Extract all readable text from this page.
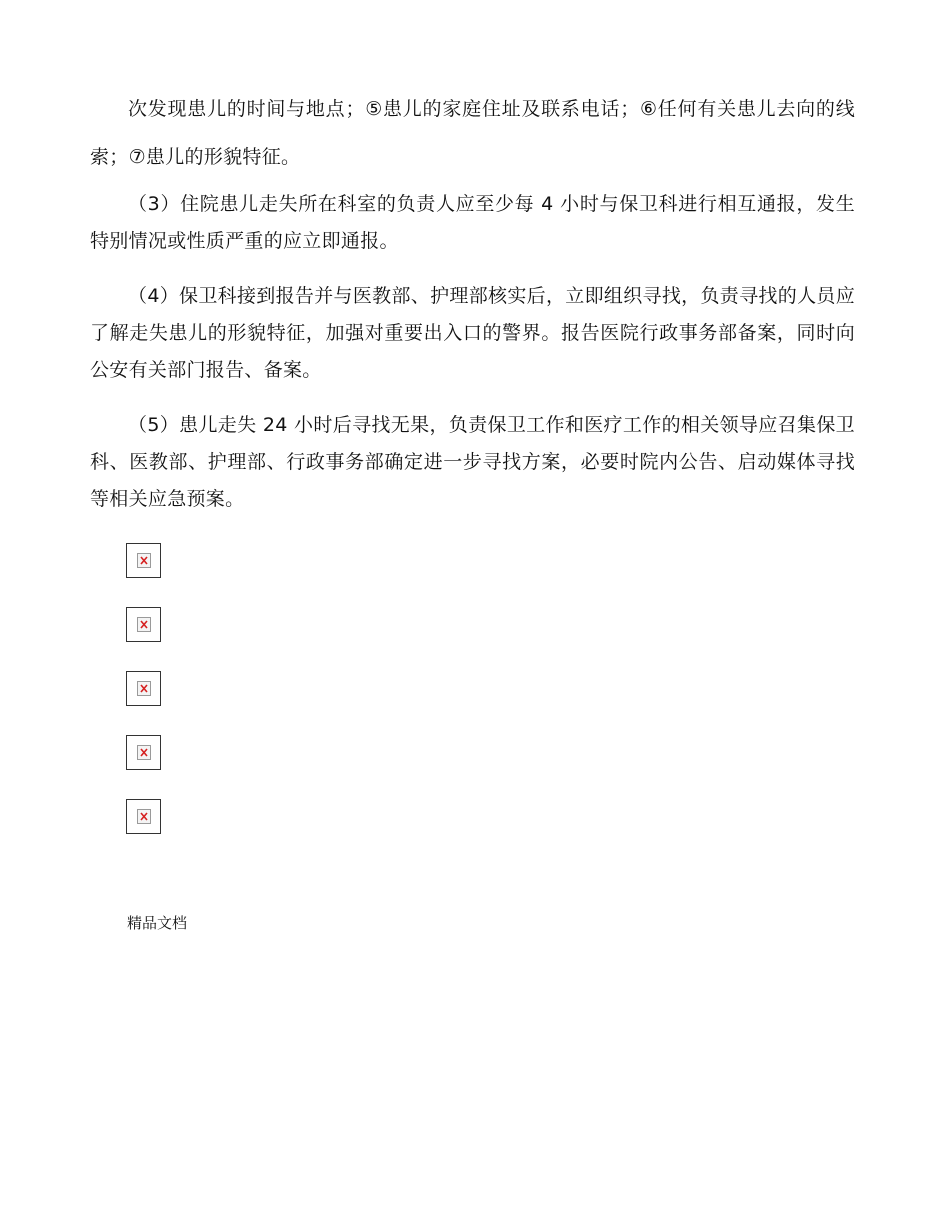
次发现患儿的时间与地点；⑤患儿的家庭住址及联系电话；⑥任何有关患儿去向的线索；⑦患儿的形貌特征。

（3）住院患儿走失所在科室的负责人应至少每 4 小时与保卫科进行相互通报，发生特别情况或性质严重的应立即通报。

（4）保卫科接到报告并与医教部、护理部核实后，立即组织寻找，负责寻找的人员应了解走失患儿的形貌特征，加强对重要出入口的警界。报告医院行政事务部备案，同时向公安有关部门报告、备案。

（5）患儿走失 24 小时后寻找无果，负责保卫工作和医疗工作的相关领导应召集保卫科、医教部、护理部、行政事务部确定进一步寻找方案，必要时院内公告、启动媒体寻找等相关应急预案。

精品文档
